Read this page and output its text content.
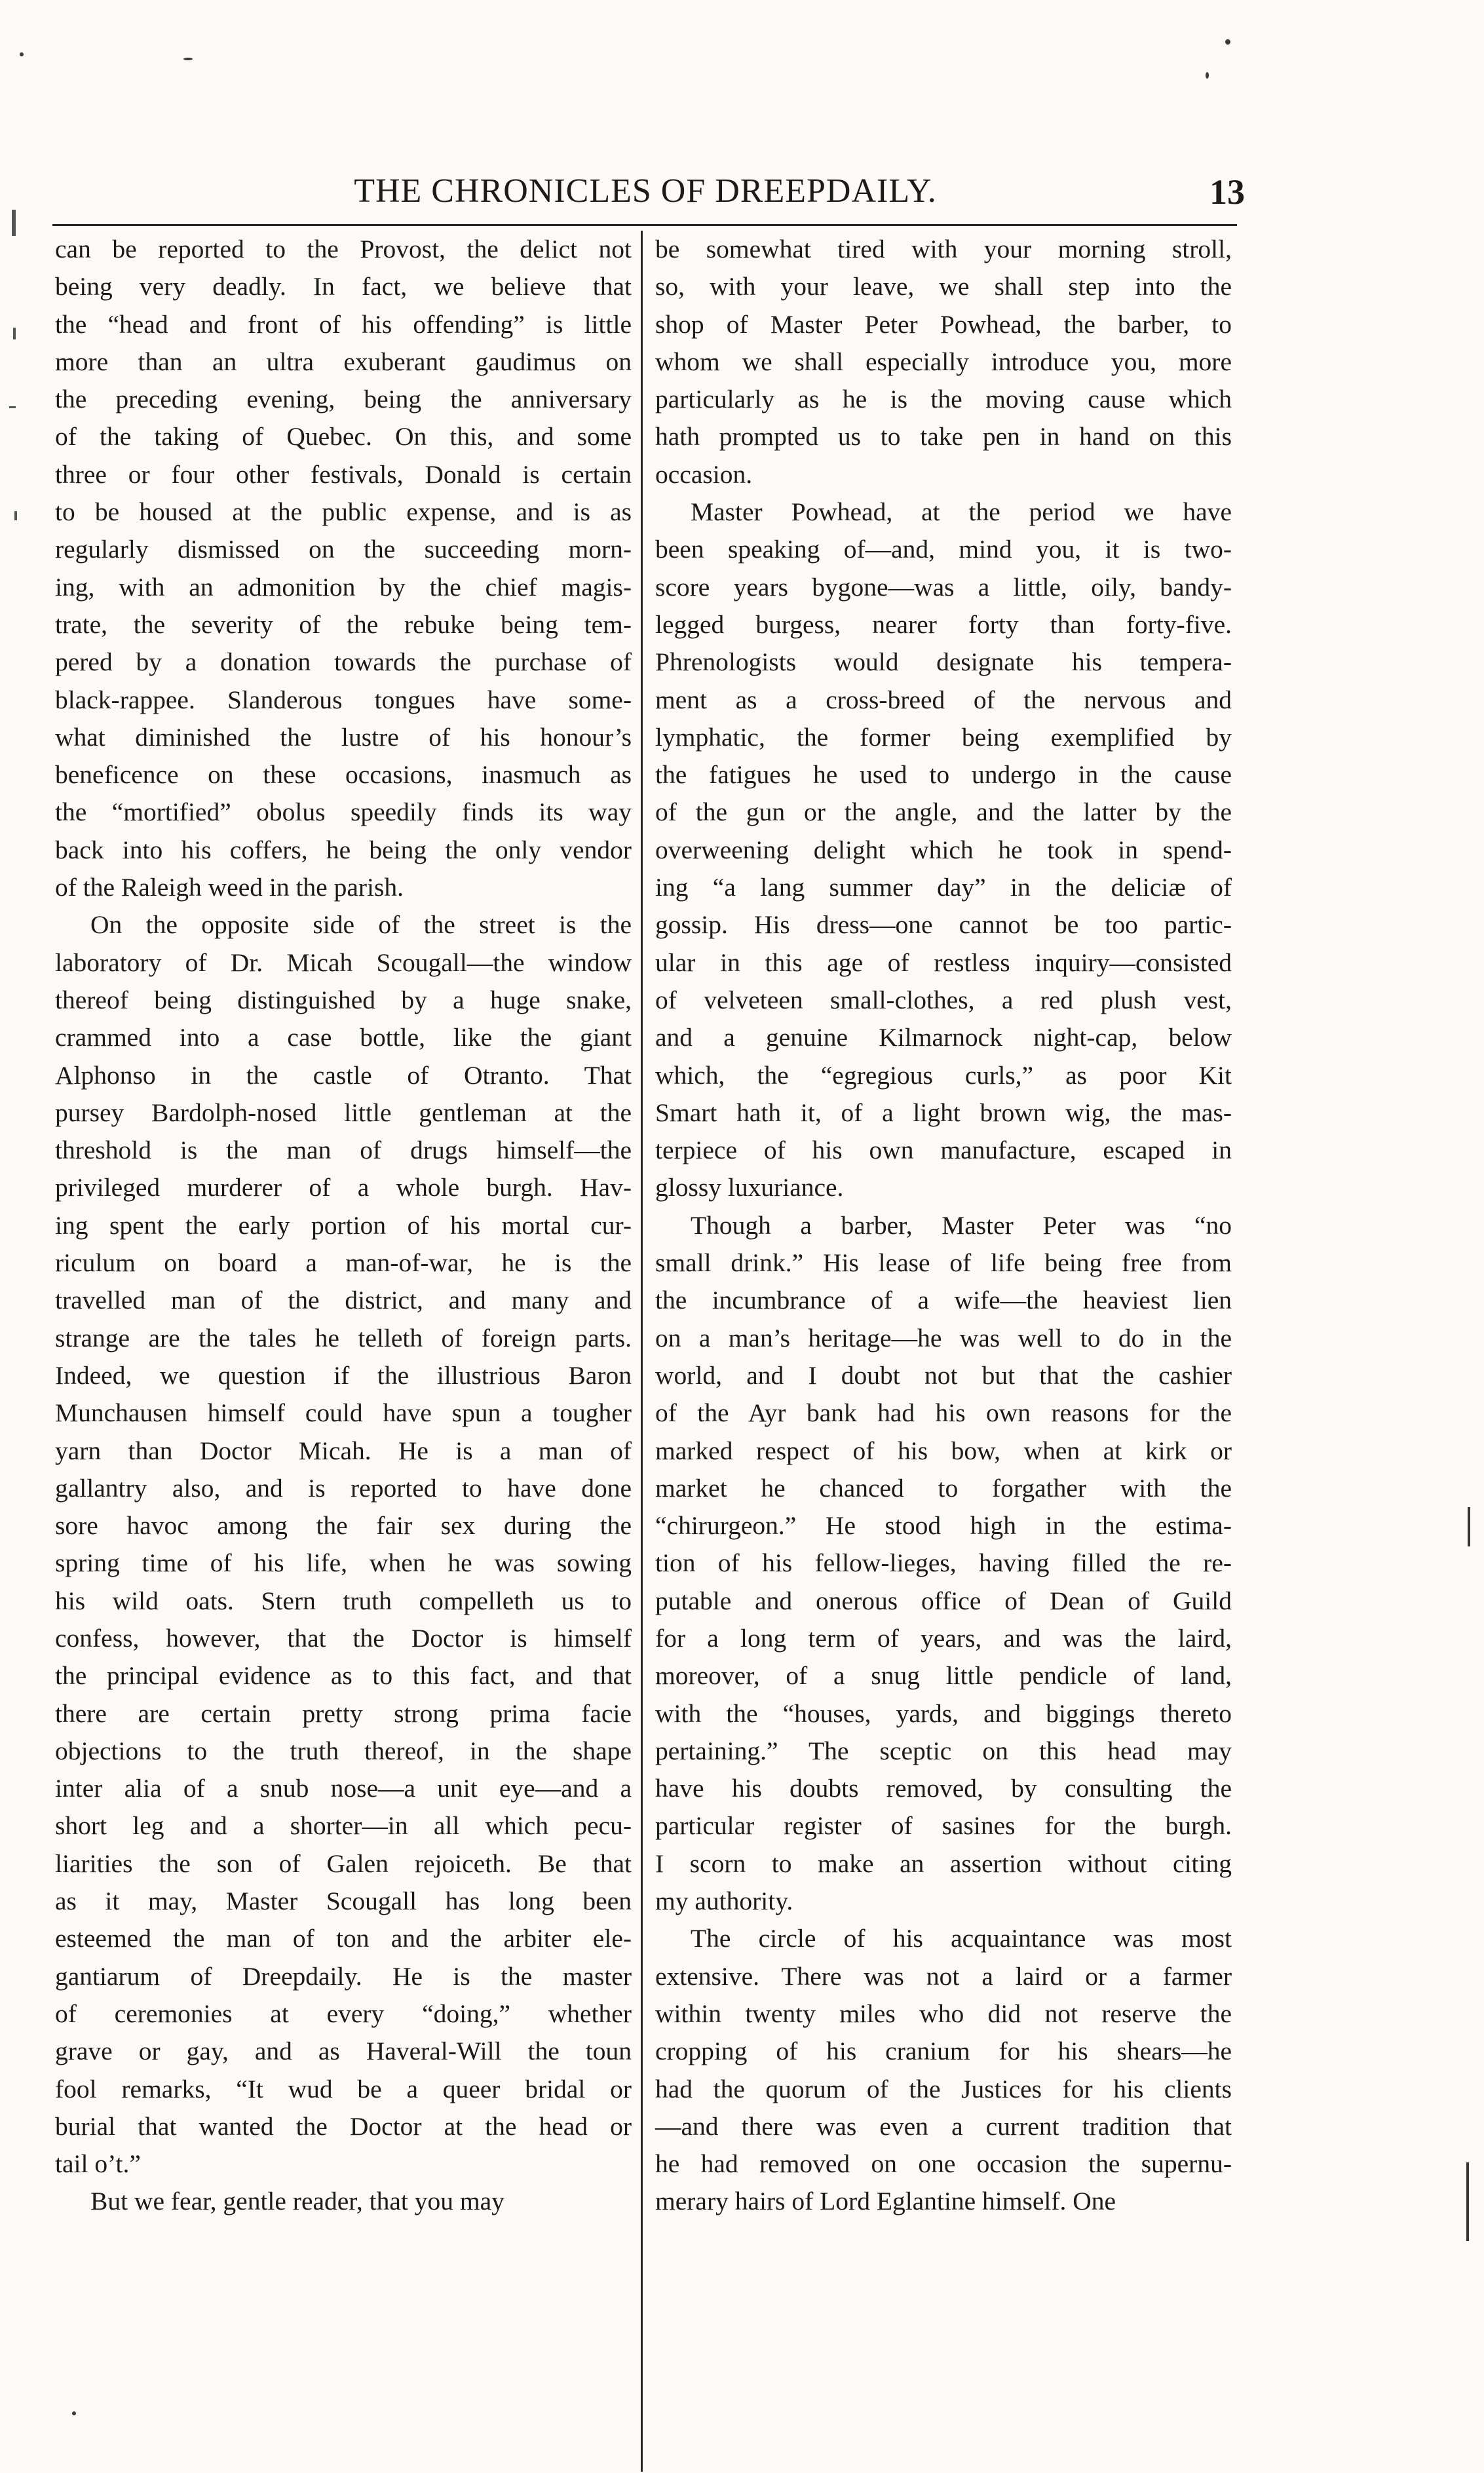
THE CHRONICLES OF DREEPDAILY.	13

can be reported to the Provost, the delict not
being very deadly. In fact, we believe that
the “head and front of his offending” is little
more than an ultra exuberant gaudimus on
the preceding evening, being the anniversary
of the taking of Quebec. On this, and some
three or four other festivals, Donald is certain
to be housed at the public expense, and is as
regularly dismissed on the succeeding morn-
ing, with an admonition by the chief magis-
trate, the severity of the rebuke being tem-
pered by a donation towards the purchase of
black-rappee. Slanderous tongues have some-
what diminished the lustre of his honour’s
beneficence on these occasions, inasmuch as
the “mortified” obolus speedily finds its way
back into his coffers, he being the only vendor
of the Raleigh weed in the parish.

On the opposite side of the street is the
laboratory of Dr. Micah Scougall—the window
thereof being distinguished by a huge snake,
crammed into a case bottle, like the giant
Alphonso in the castle of Otranto. That
pursey Bardolph-nosed little gentleman at the
threshold is the man of drugs himself—the
privileged murderer of a whole burgh. Hav-
ing spent the early portion of his mortal cur-
riculum on board a man-of-war, he is the
travelled man of the district, and many and
strange are the tales he telleth of foreign parts.
Indeed, we question if the illustrious Baron
Munchausen himself could have spun a tougher
yarn than Doctor Micah. He is a man of
gallantry also, and is reported to have done
sore havoc among the fair sex during the
spring time of his life, when he was sowing
his wild oats. Stern truth compelleth us to
confess, however, that the Doctor is himself
the principal evidence as to this fact, and that
there are certain pretty strong prima facie
objections to the truth thereof, in the shape
inter alia of a snub nose—a unit eye—and a
short leg and a shorter—in all which pecu-
liarities the son of Galen rejoiceth. Be that
as it may, Master Scougall has long been
esteemed the man of ton and the arbiter ele-
gantiarum of Dreepdaily. He is the master
of ceremonies at every “doing,” whether
grave or gay, and as Haveral-Will the toun
fool remarks, “It wud be a queer bridal or
burial that wanted the Doctor at the head or
tail o’t.”

But we fear, gentle reader, that you may

be somewhat tired with your morning stroll,
so, with your leave, we shall step into the
shop of Master Peter Powhead, the barber, to
whom we shall especially introduce you, more
particularly as he is the moving cause which
hath prompted us to take pen in hand on this
occasion.

Master Powhead, at the period we have
been speaking of—and, mind you, it is two-
score years bygone—was a little, oily, bandy-
legged burgess, nearer forty than forty-five.
Phrenologists would designate his tempera-
ment as a cross-breed of the nervous and
lymphatic, the former being exemplified by
the fatigues he used to undergo in the cause
of the gun or the angle, and the latter by the
overweening delight which he took in spend-
ing “a lang summer day” in the deliciæ of
gossip. His dress—one cannot be too partic-
ular in this age of restless inquiry—consisted
of velveteen small-clothes, a red plush vest,
and a genuine Kilmarnock night-cap, below
which, the “egregious curls,” as poor Kit
Smart hath it, of a light brown wig, the mas-
terpiece of his own manufacture, escaped in
glossy luxuriance.

Though a barber, Master Peter was “no
small drink.” His lease of life being free from
the incumbrance of a wife—the heaviest lien
on a man’s heritage—he was well to do in the
world, and I doubt not but that the cashier
of the Ayr bank had his own reasons for the
marked respect of his bow, when at kirk or
market he chanced to forgather with the
“chirurgeon.” He stood high in the estima-
tion of his fellow-lieges, having filled the re-
putable and onerous office of Dean of Guild
for a long term of years, and was the laird,
moreover, of a snug little pendicle of land,
with the “houses, yards, and biggings thereto
pertaining.” The sceptic on this head may
have his doubts removed, by consulting the
particular register of sasines for the burgh.
I scorn to make an assertion without citing
my authority.

The circle of his acquaintance was most
extensive. There was not a laird or a farmer
within twenty miles who did not reserve the
cropping of his cranium for his shears—he
had the quorum of the Justices for his clients
—and there was even a current tradition that
he had removed on one occasion the supernu-
merary hairs of Lord Eglantine himself. One
